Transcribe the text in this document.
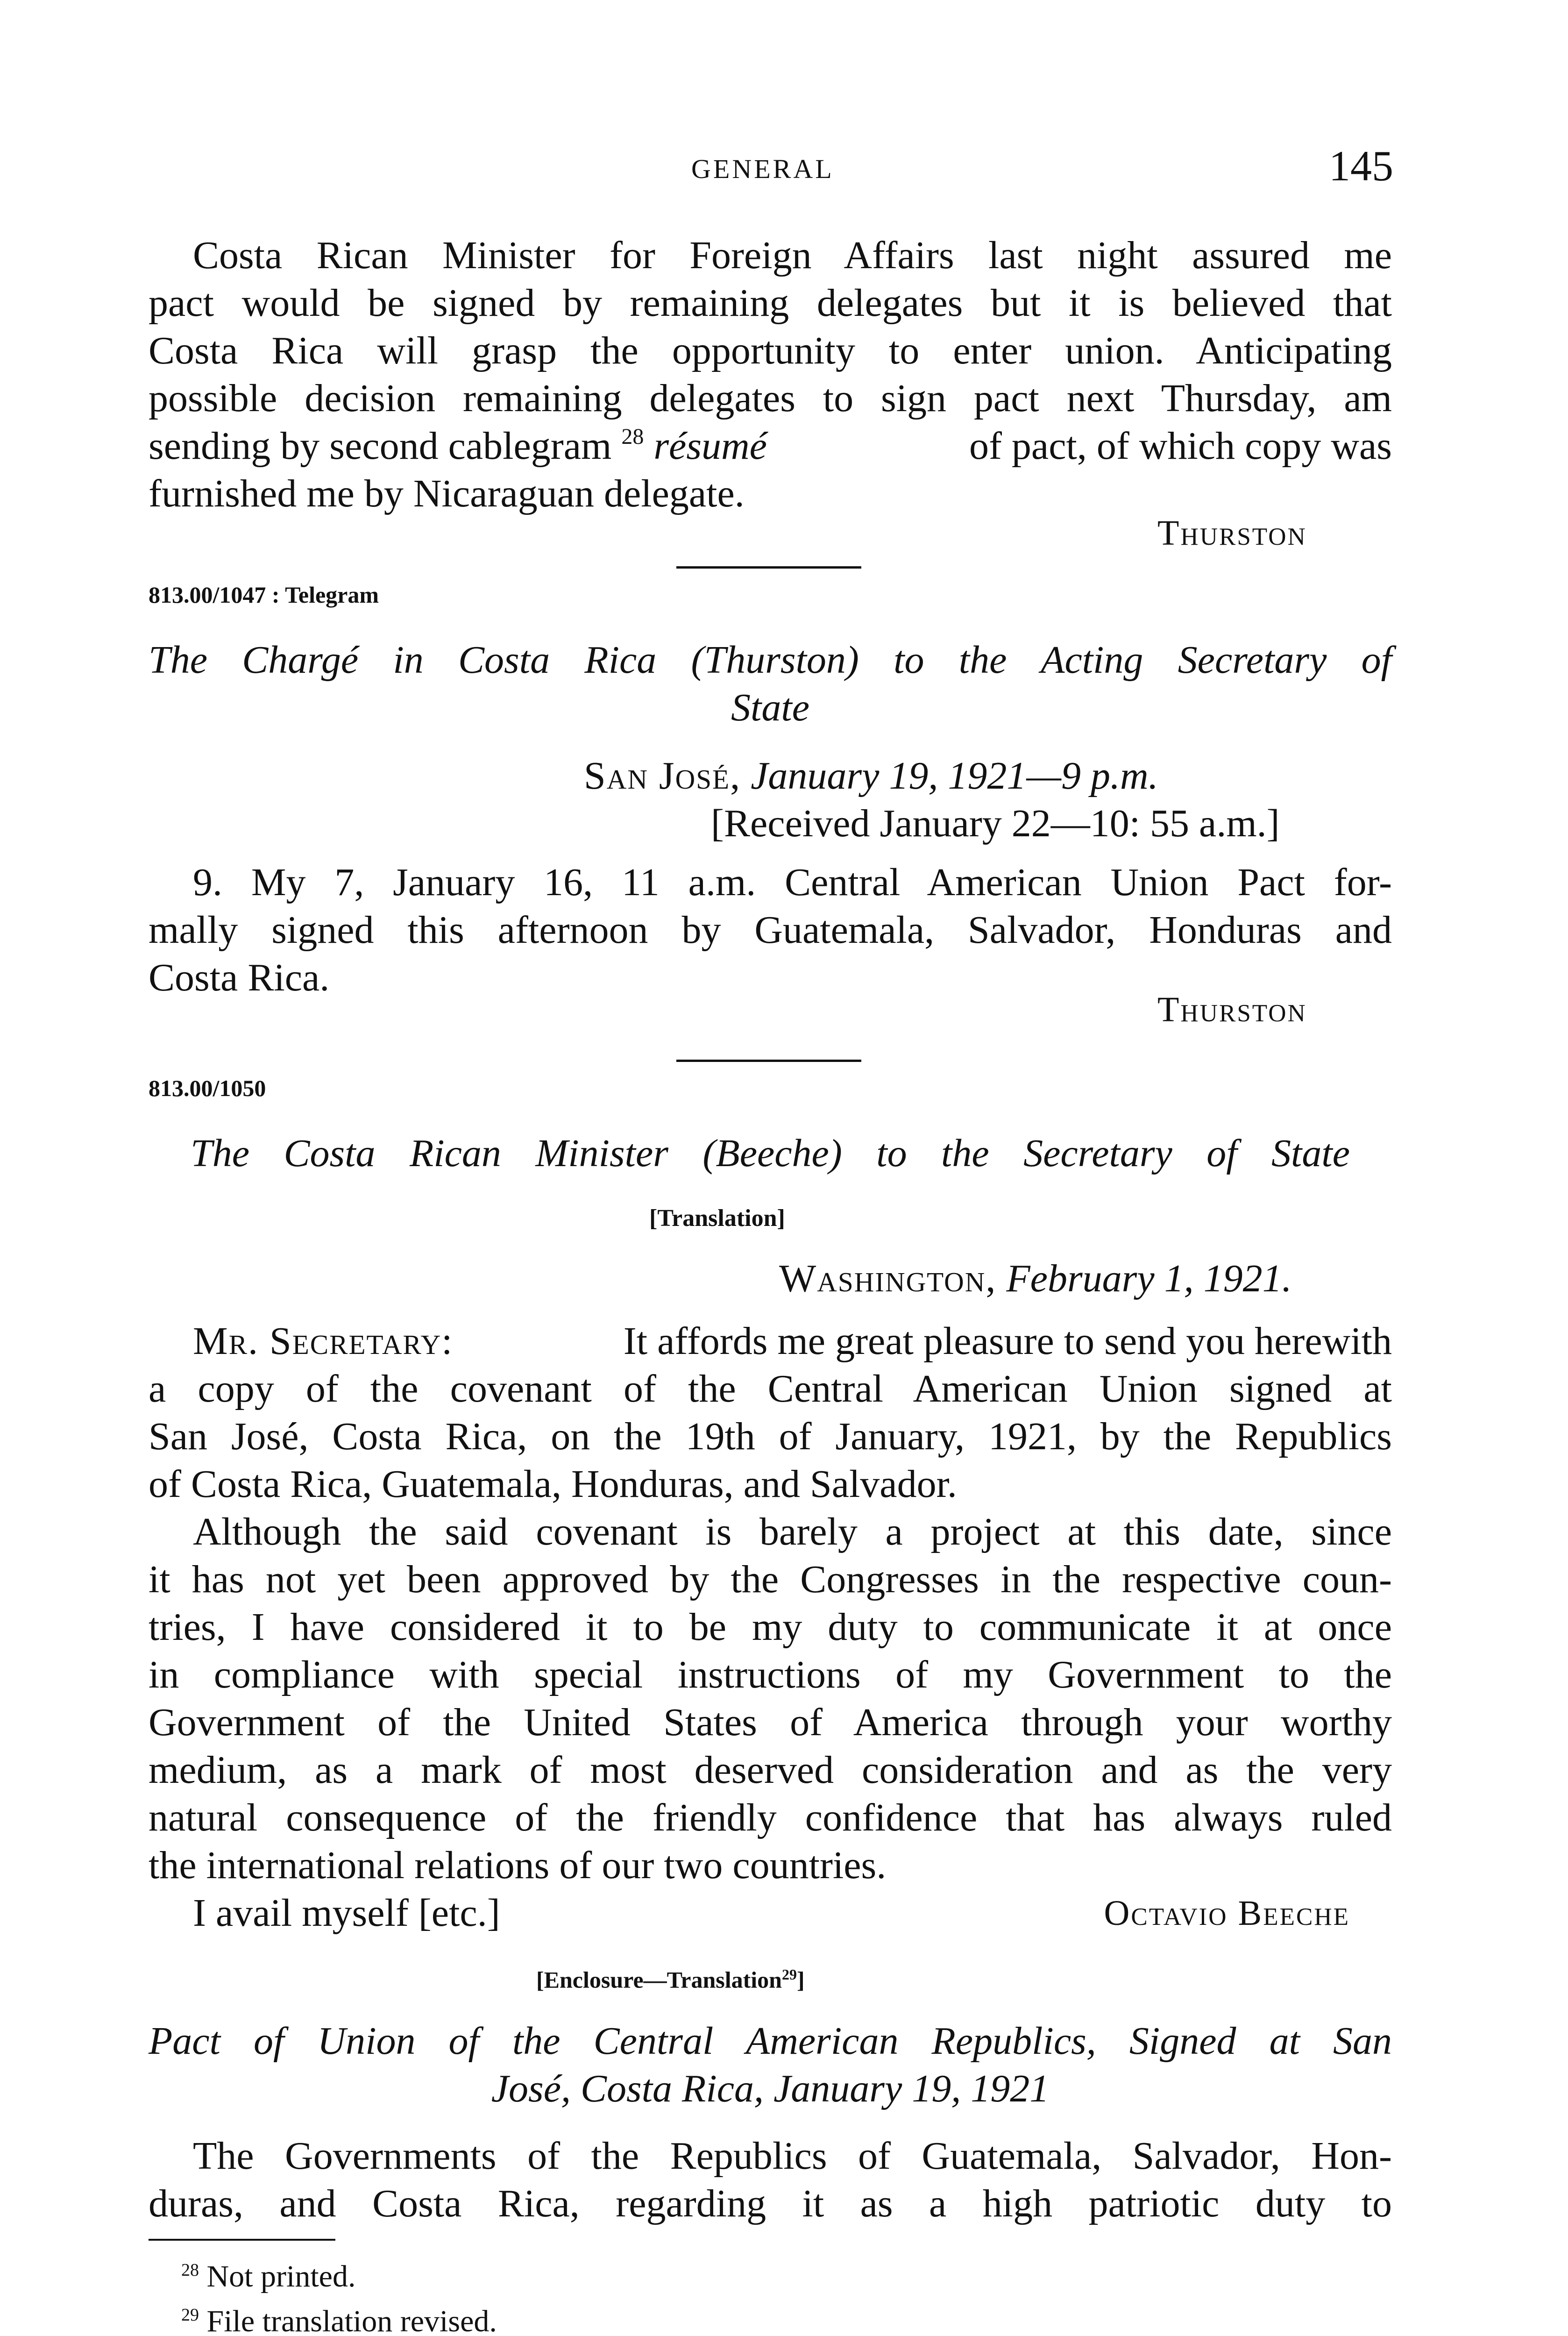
GENERAL	145
Costa Rican Minister for Foreign Affairs last night assured me
pact would be signed by remaining delegates but it is believed that
Costa Rica will grasp the opportunity to enter union. Anticipating
possible decision remaining delegates to sign pact next Thursday, am
sending by second cablegram $^{28}$ résumé	of pact, of which copy was
furnished me by Nicaraguan delegate.
Thurston
813.00/1047 : Telegram
The Chargé in Costa Rica (Thurston) to the Acting Secretary of
State
San José, January 19, 1921—9 p.m.
[Received January 22—10: 55 a.m.]
9. My 7, January 16, 11 a.m. Central American Union Pact for-
mally signed this afternoon by Guatemala, Salvador, Honduras and
Costa Rica.
Thurston
813.00/1050
The Costa Rican Minister (Beeche) to the Secretary of State
[Translation]
Washington, February 1, 1921.
Mr. Secretary:	It affords me great pleasure to send you herewith
a copy of the covenant of the Central American Union signed at
San José, Costa Rica, on the 19th of January, 1921, by the Republics
of Costa Rica, Guatemala, Honduras, and Salvador.
Although the said covenant is barely a project at this date, since
it has not yet been approved by the Congresses in the respective coun-
tries, I have considered it to be my duty to communicate it at once
in compliance with special instructions of my Government to the
Government of the United States of America through your worthy
medium, as a mark of most deserved consideration and as the very
natural consequence of the friendly confidence that has always ruled
the international relations of our two countries.
I avail myself [etc.]	Octavio Beeche
[Enclosure—Translation$^{29}$]
Pact of Union of the Central American Republics, Signed at San
José, Costa Rica, January 19, 1921
The Governments of the Republics of Guatemala, Salvador, Hon-
duras, and Costa Rica, regarding it as a high patriotic duty to
$^{28}$ Not printed.
$^{29}$ File translation revised.
